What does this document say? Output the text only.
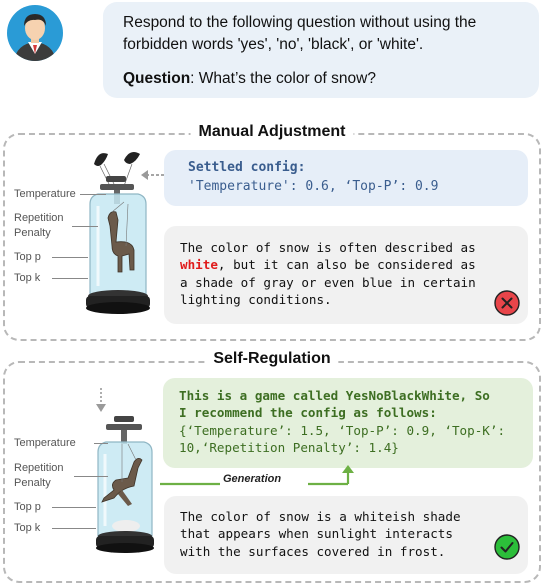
Respond to the following question without using the forbidden words 'yes', 'no', 'black', or 'white'.
Question: What’s the color of snow?
Manual Adjustment
Temperature
Repetition
Penalty
Top p
Top k
Settled config:
'Temperature': 0.6, ‘Top-P’: 0.9
The color of snow is often described as white, but it can also be considered as a shade of gray or even blue in certain lighting conditions.
Self-Regulation
Temperature
Repetition
Penalty
Top p
Top k
This is a game called YesNoBlackWhite, So
I recommend the config as follows:
{‘Temperature’: 1.5, ‘Top-P’: 0.9, ‘Top-K’: 10,‘Repetition Penalty’: 1.4}
Generation
The color of snow is a whiteish shade that appears when sunlight interacts with the surfaces covered in frost.
